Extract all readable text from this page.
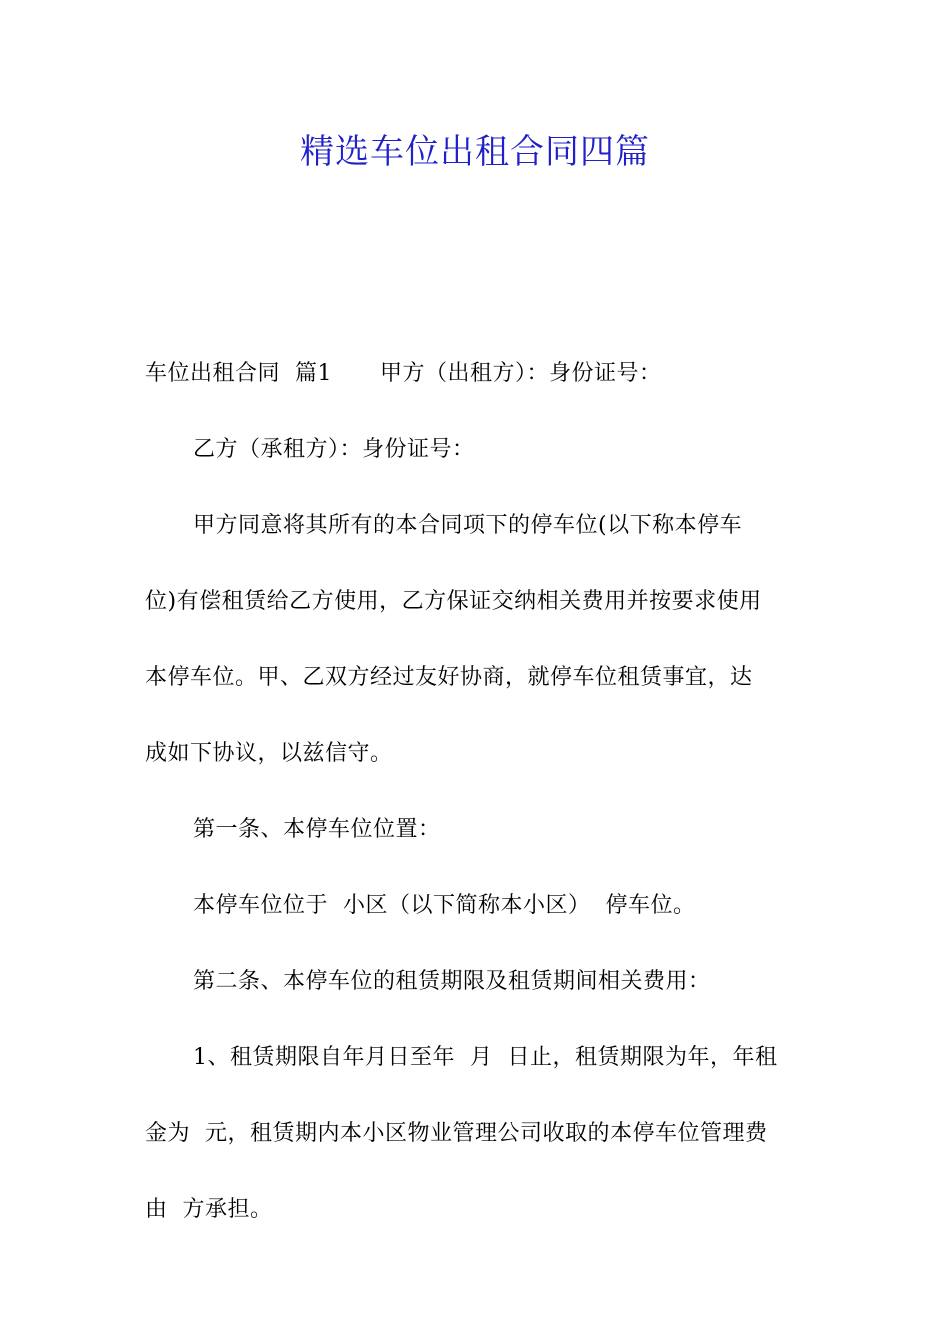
精选车位出租合同四篇

车位出租合同 篇1 甲方（出租方）：身份证号：

乙方（承租方）：身份证号：

甲方同意将其所有的本合同项下的停车位(以下称本停车

位)有偿租赁给乙方使用，乙方保证交纳相关费用并按要求使用

本停车位。甲、乙双方经过友好协商，就停车位租赁事宜，达

成如下协议，以兹信守。

第一条、本停车位位置：

本停车位位于  小区（以下简称本小区）  停车位。

第二条、本停车位的租赁期限及租赁期间相关费用：

1、租赁期限自年月日至年  月  日止，租赁期限为年，年租

金为  元，租赁期内本小区物业管理公司收取的本停车位管理费

由  方承担。
